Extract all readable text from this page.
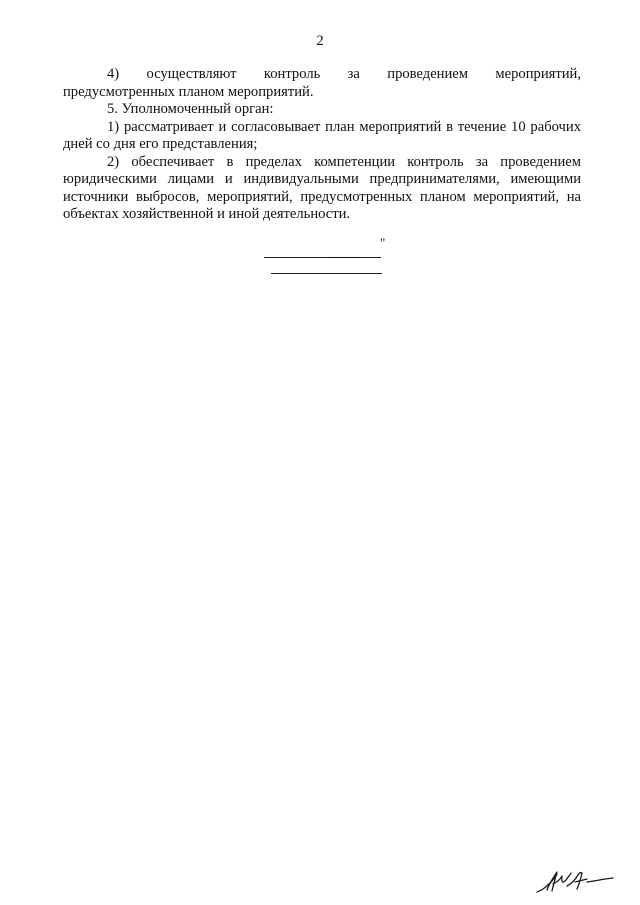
2

4)    осуществляют    контроль    за    проведением    мероприятий, предусмотренных планом мероприятий.

5. Уполномоченный орган:

1) рассматривает и согласовывает план мероприятий в течение 10 рабочих дней со дня его представления;

2) обеспечивает в пределах компетенции контроль за проведением юридическими лицами и индивидуальными предпринимателями, имеющими источники выбросов, мероприятий, предусмотренных планом мероприятий, на объектах хозяйственной и иной деятельности.

"
